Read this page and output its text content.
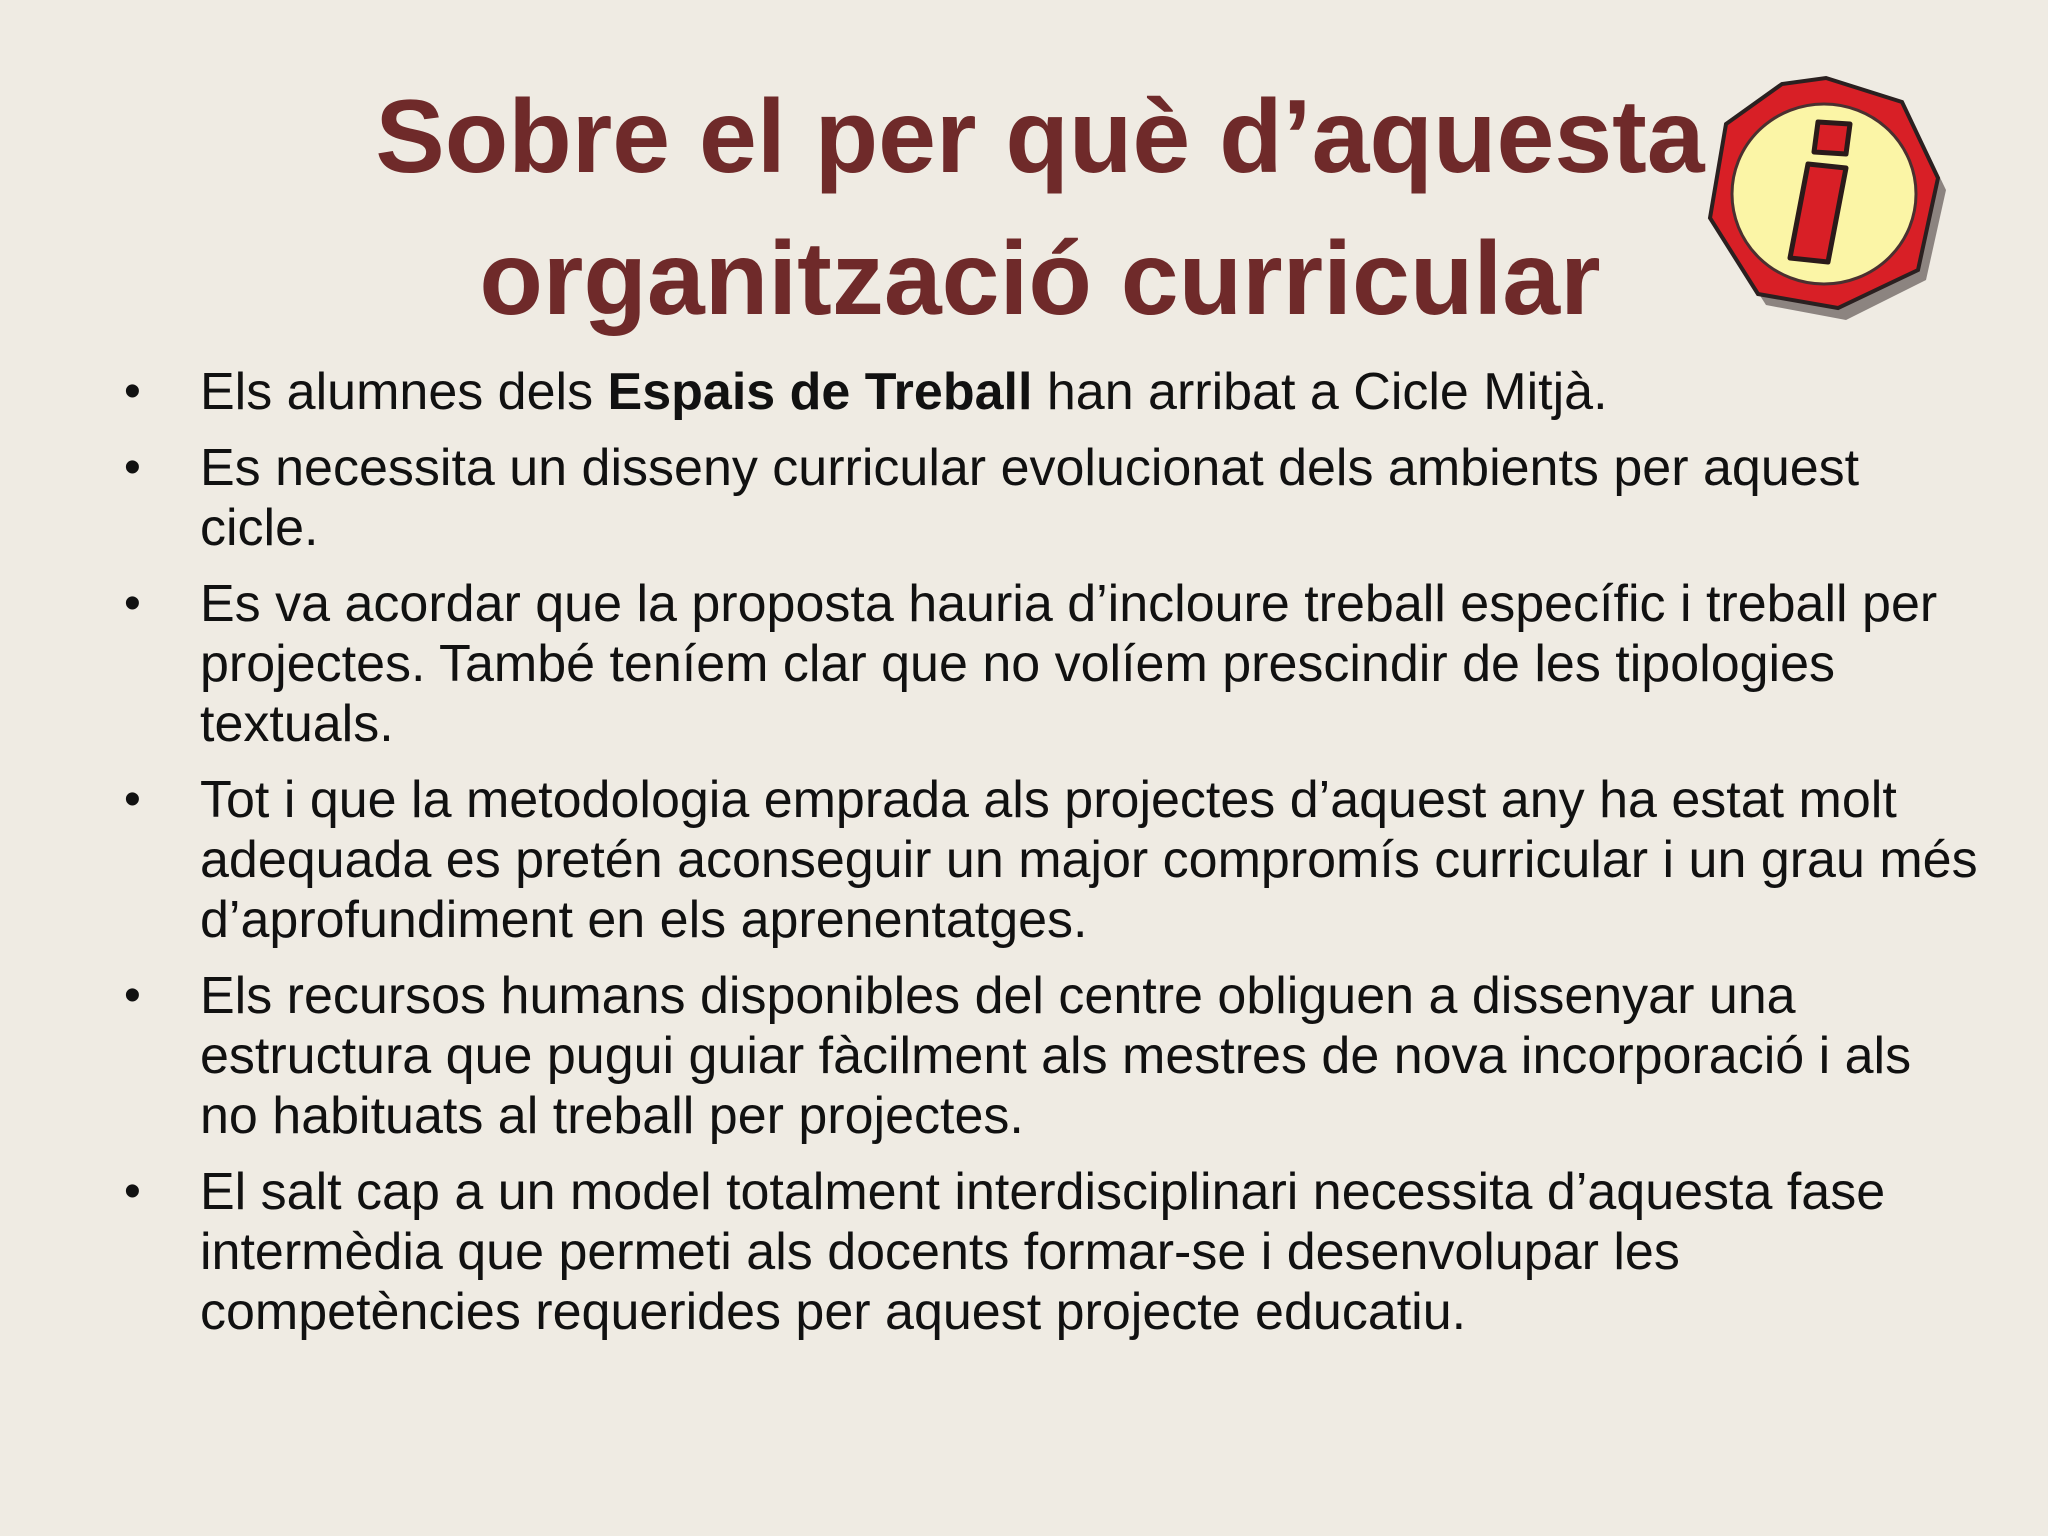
Sobre el per què d’aquesta
organització curricular
• Els alumnes dels Espais de Treball han arribat a Cicle Mitjà.
• Es necessita un disseny curricular evolucionat dels ambients per aquest cicle.
• Es va acordar que la proposta hauria d’incloure treball específic i treball per projectes. També teníem clar que no volíem prescindir de les tipologies textuals.
• Tot i que la metodologia emprada als projectes d’aquest any ha estat molt adequada es pretén aconseguir un major compromís curricular i un grau més d’aprofundiment en els aprenentatges.
• Els recursos humans disponibles del centre obliguen a dissenyar una estructura que pugui guiar fàcilment als mestres de nova incorporació i als no habituats al treball per projectes.
• El salt cap a un model totalment interdisciplinari necessita d’aquesta fase intermèdia que permeti als docents formar-se i desenvolupar les competències requerides per aquest projecte educatiu.
